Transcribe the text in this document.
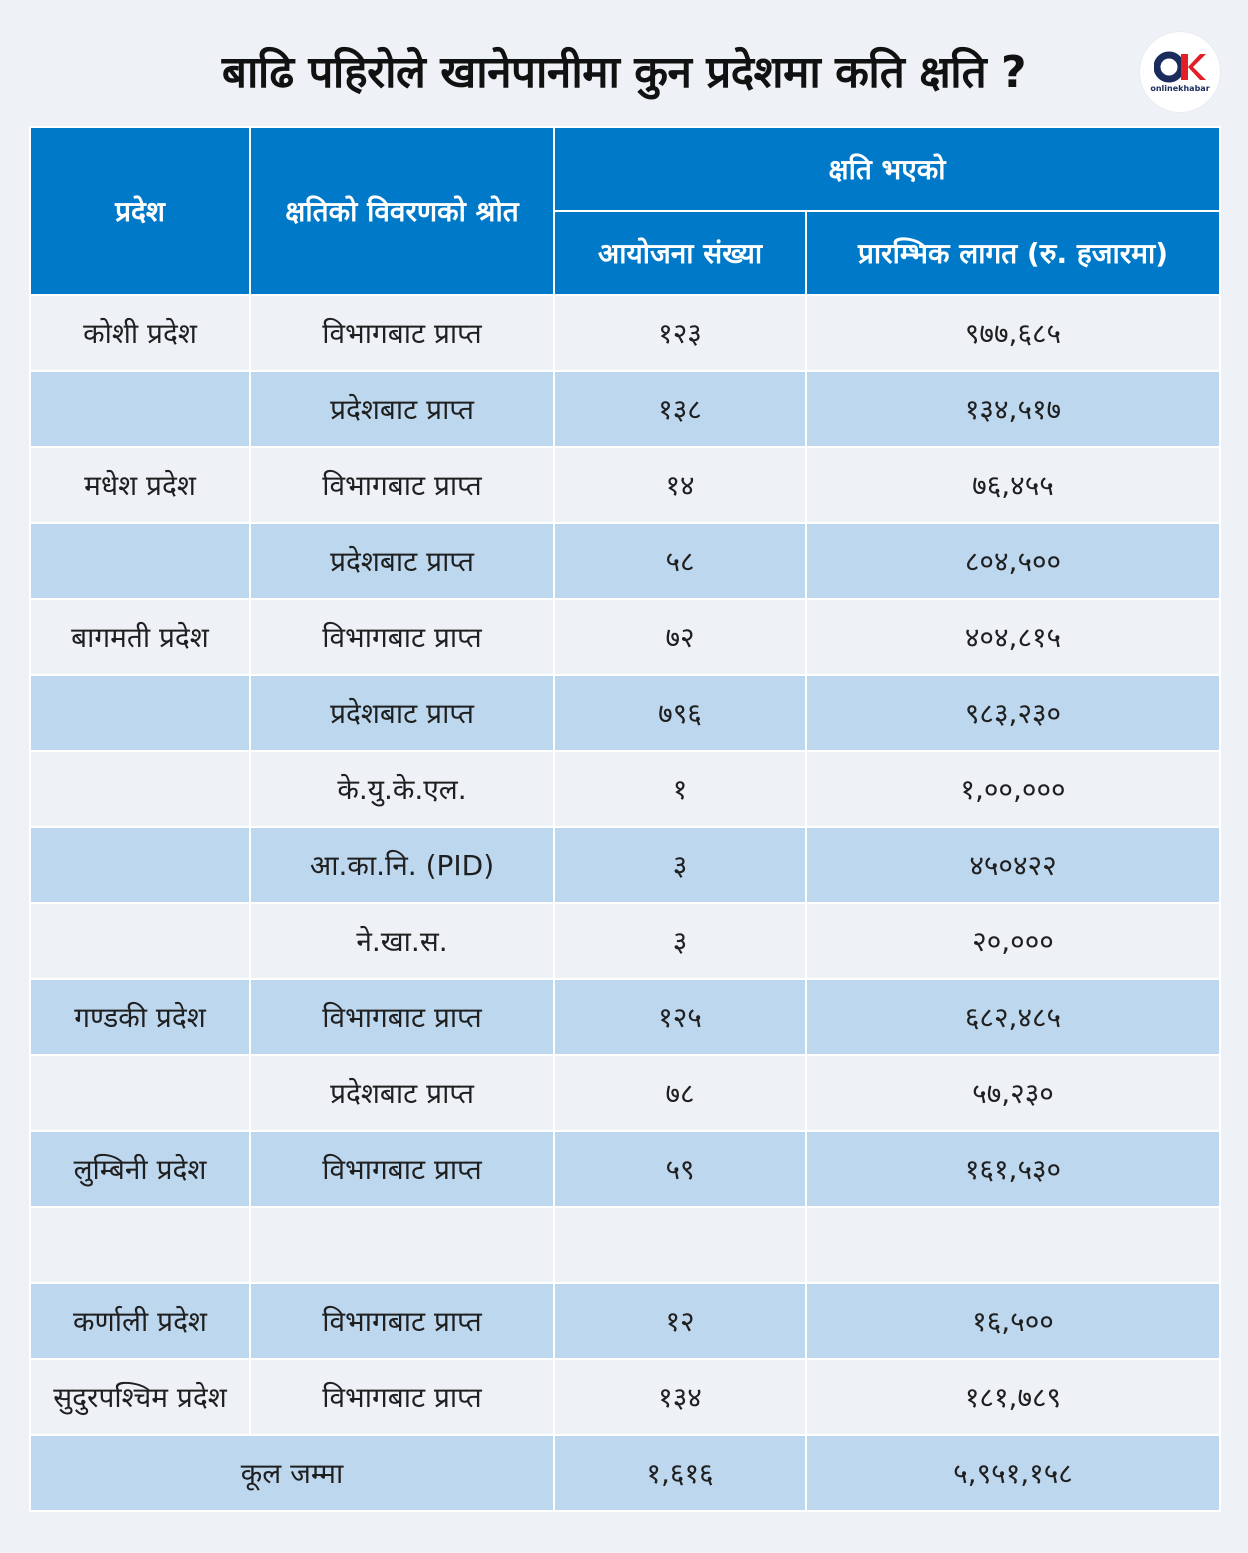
बाढि पहिरोले खानेपानीमा कुन प्रदेशमा कति क्षति ?	onlinekhabar
प्रदेश	क्षतिको विवरणको श्रोत	क्षति भएको	
		आयोजना संख्या	प्रारम्भिक लागत (रु. हजारमा)
कोशी प्रदेश	विभागबाट प्राप्त	१२३	९७७,६८५
	प्रदेशबाट प्राप्त	१३८	१३४,५१७
मधेश प्रदेश	विभागबाट प्राप्त	१४	७६,४५५
	प्रदेशबाट प्राप्त	५८	८०४,५००
बागमती प्रदेश	विभागबाट प्राप्त	७२	४०४,८१५
	प्रदेशबाट प्राप्त	७९६	९८३,२३०
	के.यु.के.एल.	१	१,००,०००
	आ.का.नि. (PID)	३	४५०४२२
	ने.खा.स.	३	२०,०००
गण्डकी प्रदेश	विभागबाट प्राप्त	१२५	६८२,४८५
	प्रदेशबाट प्राप्त	७८	५७,२३०
लुम्बिनी प्रदेश	विभागबाट प्राप्त	५९	१६१,५३०

कर्णाली प्रदेश	विभागबाट प्राप्त	१२	१६,५००
सुदुरपश्चिम प्रदेश	विभागबाट प्राप्त	१३४	१८१,७८९
कूल जम्मा		१,६१६	५,९५१,१५८
